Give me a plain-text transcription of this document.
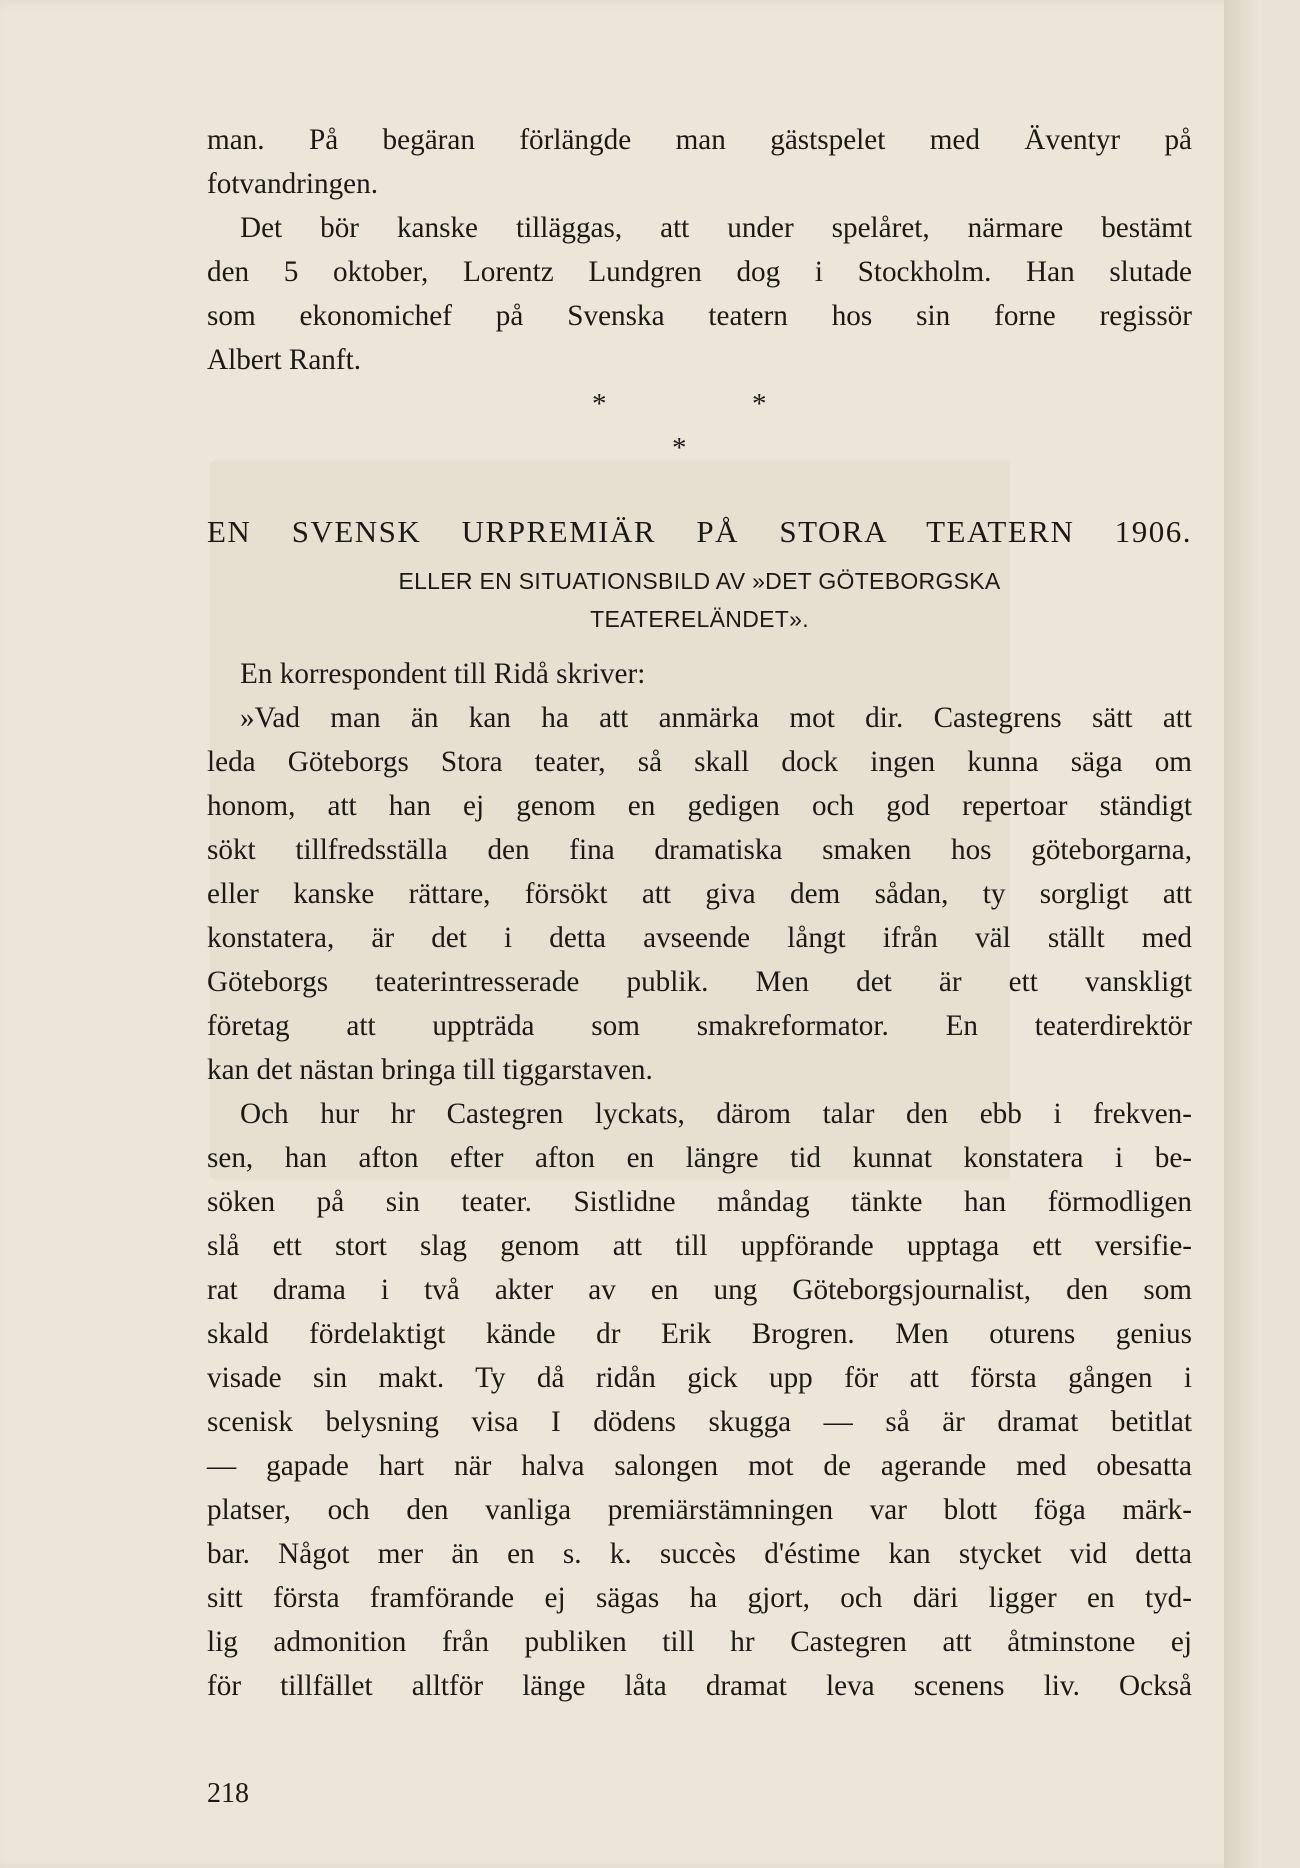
man. På begäran förlängde man gästspelet med Äventyr på

fotvandringen.

Det bör kanske tilläggas, att under spelåret, närmare bestämt

den 5 oktober, Lorentz Lundgren dog i Stockholm. Han slutade

som ekonomichef på Svenska teatern hos sin forne regissör

Albert Ranft.

*	*
*
EN SVENSK URPREMIÄR PÅ STORA TEATERN 1906.
ELLER EN SITUATIONSBILD AV »DET GÖTEBORGSKA
TEATERELÄNDET».

En korrespondent till Ridå skriver:

»Vad man än kan ha att anmärka mot dir. Castegrens sätt att

leda Göteborgs Stora teater, så skall dock ingen kunna säga om

honom, att han ej genom en gedigen och god repertoar ständigt

sökt tillfredsställa den fina dramatiska smaken hos göteborgarna,

eller kanske rättare, försökt att giva dem sådan, ty sorgligt att

konstatera, är det i detta avseende långt ifrån väl ställt med

Göteborgs teaterintresserade publik. Men det är ett vanskligt

företag att uppträda som smakreformator. En teaterdirektör

kan det nästan bringa till tiggarstaven.

Och hur hr Castegren lyckats, därom talar den ebb i frekven-

sen, han afton efter afton en längre tid kunnat konstatera i be-

söken på sin teater. Sistlidne måndag tänkte han förmodligen

slå ett stort slag genom att till uppförande upptaga ett versifie-

rat drama i två akter av en ung Göteborgsjournalist, den som

skald fördelaktigt kände dr Erik Brogren. Men oturens genius

visade sin makt. Ty då ridån gick upp för att första gången i

scenisk belysning visa I dödens skugga — så är dramat betitlat

— gapade hart när halva salongen mot de agerande med obesatta

platser, och den vanliga premiärstämningen var blott föga märk-

bar. Något mer än en s. k. succès d'éstime kan stycket vid detta

sitt första framförande ej sägas ha gjort, och däri ligger en tyd-

lig admonition från publiken till hr Castegren att åtminstone ej

för tillfället alltför länge låta dramat leva scenens liv. Också

218
